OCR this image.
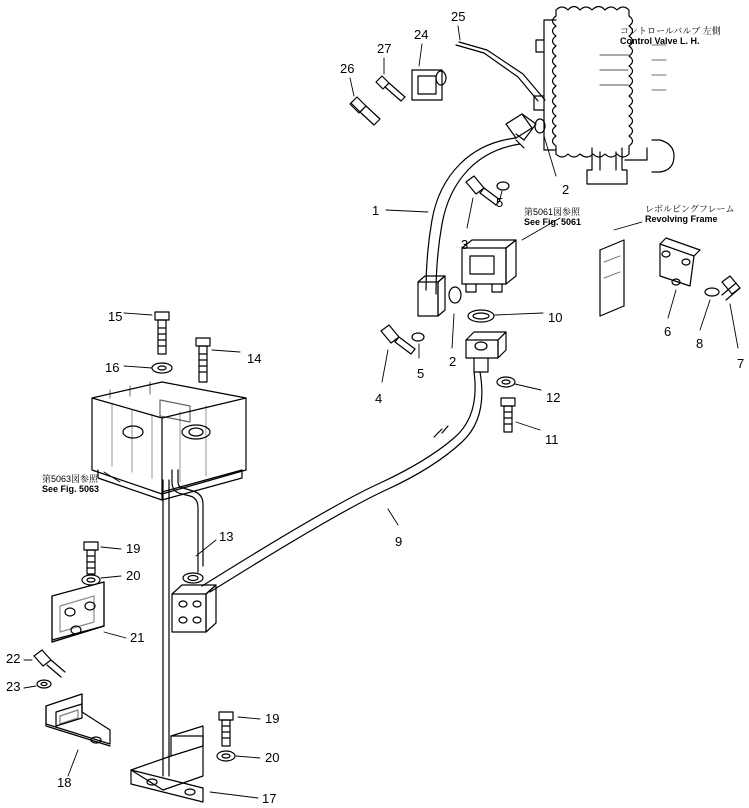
1
2
3
4
5
5
2
6
7
8
9
10
11
12
13
14
15
16
17
18
19
19
20
20
21
22
23
24
25
26
27
コントロールバルブ 左側
Control Valve L. H.
第5061図参照
See Fig. 5061
レボルビングフレーム
Revolving Frame
第5063図参照
See Fig. 5063
